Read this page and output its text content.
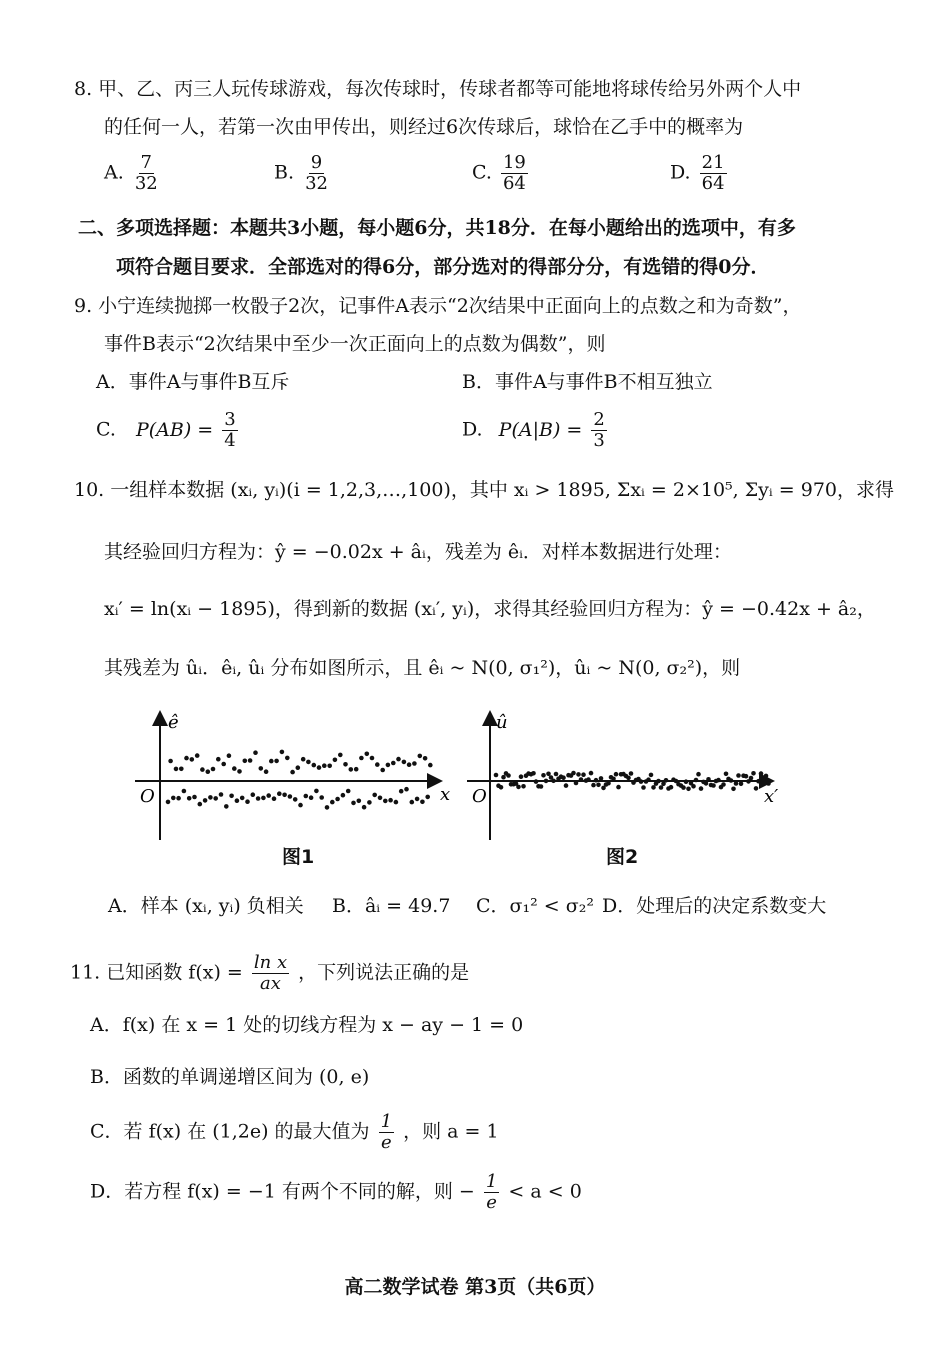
8. 甲、乙、丙三人玩传球游戏，每次传球时，传球者都等可能地将球传给另外两个人中
的任何一人，若第一次由甲传出，则经过6次传球后，球恰在乙手中的概率为
A. $\frac{7}{32}$	B. $\frac{9}{32}$	C. $\frac{19}{64}$	D. $\frac{21}{64}$
二、多项选择题：本题共3小题，每小题6分，共18分．在每小题给出的选项中，有多
项符合题目要求．全部选对的得6分，部分选对的得部分分，有选错的得0分．
9. 小宁连续抛掷一枚骰子2次，记事件A表示“2次结果中正面向上的点数之和为奇数”，
事件B表示“2次结果中至少一次正面向上的点数为偶数”，则
A．事件A与事件B互斥	B．事件A与事件B不相互独立
C. $P(AB) = \frac{3}{4}$	D. $P(A|B) = \frac{2}{3}$
10. 一组样本数据 (xᵢ, yᵢ)(i = 1,2,3,…,100)，其中 xᵢ > 1895, Σxᵢ = 2×10⁵, Σyᵢ = 970，求得
其经验回归方程为：ŷ = −0.02x + âᵢ，残差为 êᵢ．对样本数据进行处理：
xᵢ′ = ln(xᵢ − 1895)，得到新的数据 (xᵢ′, yᵢ)，求得其经验回归方程为：ŷ = −0.42x + â₂，
其残差为 ûᵢ．êᵢ, ûᵢ 分布如图所示，且 êᵢ ~ N(0, σ₁²)，ûᵢ ~ N(0, σ₂²)，则
ê
x
O
图1
û
x′
O
图2
A．样本 (xᵢ, yᵢ) 负相关 B．âᵢ = 49.7 C．σ₁² < σ₂² D．处理后的决定系数变大
11. 已知函数 $f(x) = \frac{\text{ln x}}{ax}$ ，下列说法正确的是
A．f(x) 在 x = 1 处的切线方程为 x − ay − 1 = 0
B．函数的单调递增区间为 (0, e)
C．若 f(x) 在 (1,2e) 的最大值为 $\frac{1}{e}$ ，则 a = 1
D．若方程 f(x) = −1 有两个不同的解，则 − $\frac{1}{e} < a < 0$
高二数学试卷 第3页（共6页）
